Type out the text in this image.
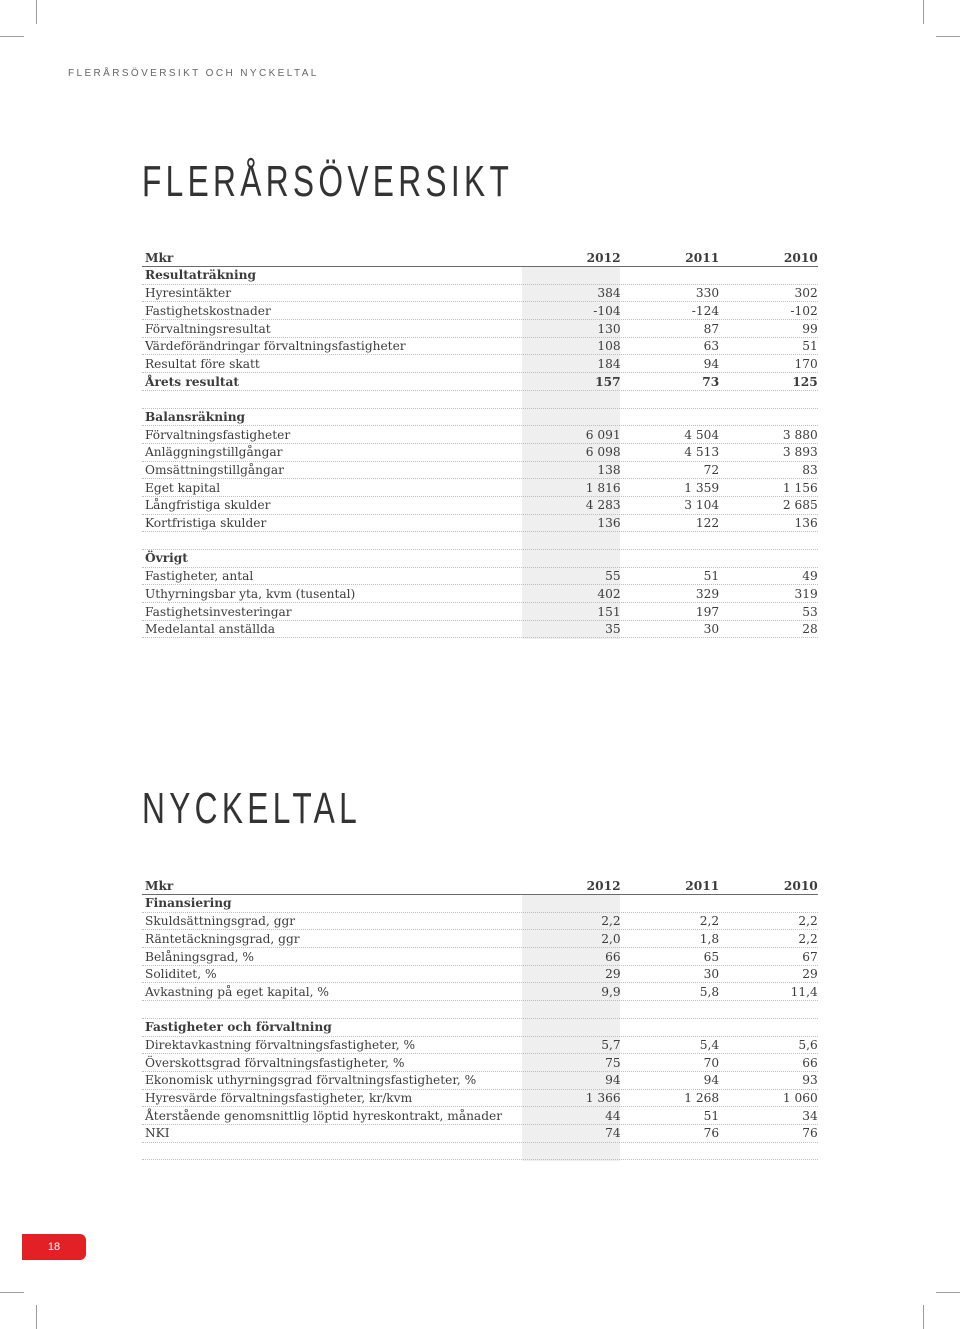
FLERÅRSÖVERSIKT OCH NYCKELTAL
FLERÅRSÖVERSIKT
Mkr	2012	2011	2010
Resultaträkning
Hyresintäkter	384	330	302
Fastighetskostnader	-104	-124	-102
Förvaltningsresultat	130	87	99
Värdeförändringar förvaltningsfastigheter	108	63	51
Resultat före skatt	184	94	170
Årets resultat	157	73	125
Balansräkning
Förvaltningsfastigheter	6 091	4 504	3 880
Anläggningstillgångar	6 098	4 513	3 893
Omsättningstillgångar	138	72	83
Eget kapital	1 816	1 359	1 156
Långfristiga skulder	4 283	3 104	2 685
Kortfristiga skulder	136	122	136
Övrigt
Fastigheter, antal	55	51	49
Uthyrningsbar yta, kvm (tusental)	402	329	319
Fastighetsinvesteringar	151	197	53
Medelantal anställda	35	30	28
NYCKELTAL
Mkr	2012	2011	2010
Finansiering
Skuldsättningsgrad, ggr	2,2	2,2	2,2
Räntetäckningsgrad, ggr	2,0	1,8	2,2
Belåningsgrad, %	66	65	67
Soliditet, %	29	30	29
Avkastning på eget kapital, %	9,9	5,8	11,4
Fastigheter och förvaltning
Direktavkastning förvaltningsfastigheter, %	5,7	5,4	5,6
Överskottsgrad förvaltningsfastigheter, %	75	70	66
Ekonomisk uthyrningsgrad förvaltningsfastigheter, %	94	94	93
Hyresvärde förvaltningsfastigheter, kr/kvm	1 366	1 268	1 060
Återstående genomsnittlig löptid hyreskontrakt, månader	44	51	34
NKI	74	76	76
18
